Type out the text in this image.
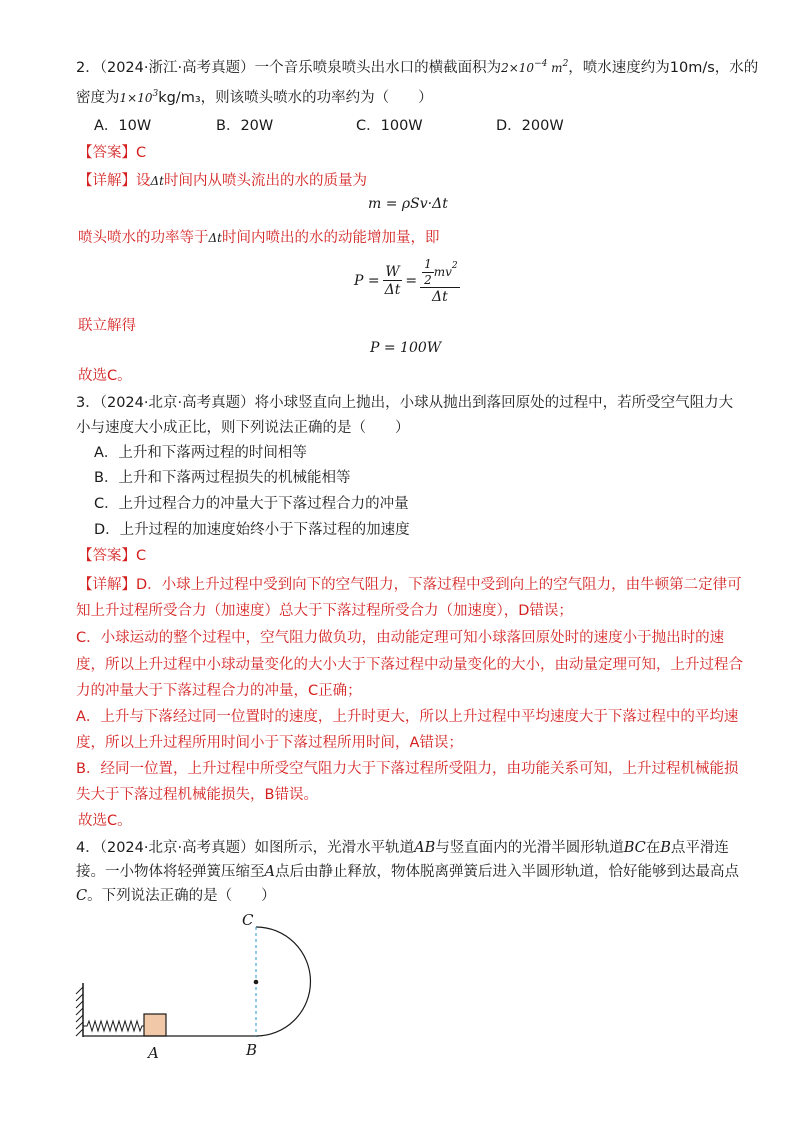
2．（2024·浙江·高考真题）一个音乐喷泉喷头出水口的横截面积为$2\times 10^{-4}$ $m^2$，喷水速度约为10m/s，水的
密度为$1\times 10^3kg/m_3$，则该喷头喷水的功率约为（　　）
A．10W	B．20W	C．100W	D．200W
【答案】C
【详解】设Δt时间内从喷头流出的水的质量为
m = ρSv·Δt
喷头喷水的功率等于Δt时间内喷出的水的动能增加量，即
$P = \frac{W}{\Delta t} = \frac{\frac{1}{2} mv 2}{\Delta t}$
联立解得
P = 100W
故选C。
3．（2024·北京·高考真题）将小球竖直向上抛出，小球从抛出到落回原处的过程中，若所受空气阻力大
小与速度大小成正比，则下列说法正确的是（　　）
A．上升和下落两过程的时间相等
B．上升和下落两过程损失的机械能相等
C．上升过程合力的冲量大于下落过程合力的冲量
D．上升过程的加速度始终小于下落过程的加速度
【答案】C
【详解】D．小球上升过程中受到向下的空气阻力，下落过程中受到向上的空气阻力，由牛顿第二定律可
知上升过程所受合力（加速度）总大于下落过程所受合力（加速度），D错误；
C．小球运动的整个过程中，空气阻力做负功，由动能定理可知小球落回原处时的速度小于抛出时的速
度，所以上升过程中小球动量变化的大小大于下落过程中动量变化的大小，由动量定理可知，上升过程合
力的冲量大于下落过程合力的冲量，C正确；
A．上升与下落经过同一位置时的速度，上升时更大，所以上升过程中平均速度大于下落过程中的平均速
度，所以上升过程所用时间小于下落过程所用时间，A错误；
B．经同一位置，上升过程中所受空气阻力大于下落过程所受阻力，由功能关系可知，上升过程机械能损
失大于下落过程机械能损失，B错误。
故选C。
4．（2024·北京·高考真题）如图所示，光滑水平轨道AB与竖直面内的光滑半圆形轨道BC在B点平滑连
接。一小物体将轻弹簧压缩至A点后由静止释放，物体脱离弹簧后进入半圆形轨道，恰好能够到达最高点
C。下列说法正确的是（　　）
C
A	B
